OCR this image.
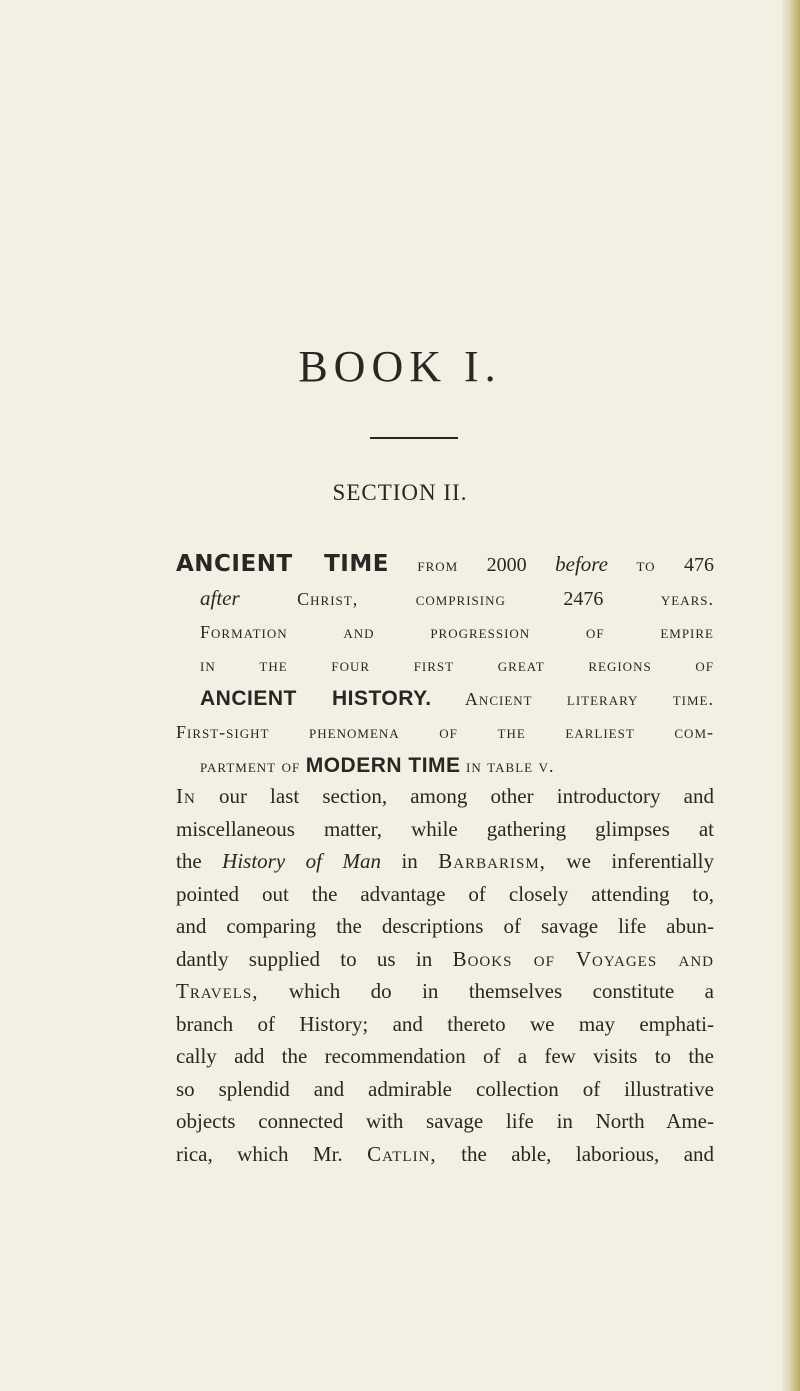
BOOK I.
SECTION II.
ANCIENT TIME from 2000 before to 476
after Christ, comprising 2476 years.
Formation and progression of empire
in the four first great regions of
ANCIENT HISTORY. Ancient literary time.
First-sight phenomena of the earliest com-
partment of MODERN TIME in table v.
In our last section, among other introductory and
miscellaneous matter, while gathering glimpses at
the History of Man in Barbarism, we inferentially
pointed out the advantage of closely attending to,
and comparing the descriptions of savage life abun-
dantly supplied to us in Books of Voyages and
Travels, which do in themselves constitute a
branch of History; and thereto we may emphati-
cally add the recommendation of a few visits to the
so splendid and admirable collection of illustrative
objects connected with savage life in North Ame-
rica, which Mr. Catlin, the able, laborious, and
